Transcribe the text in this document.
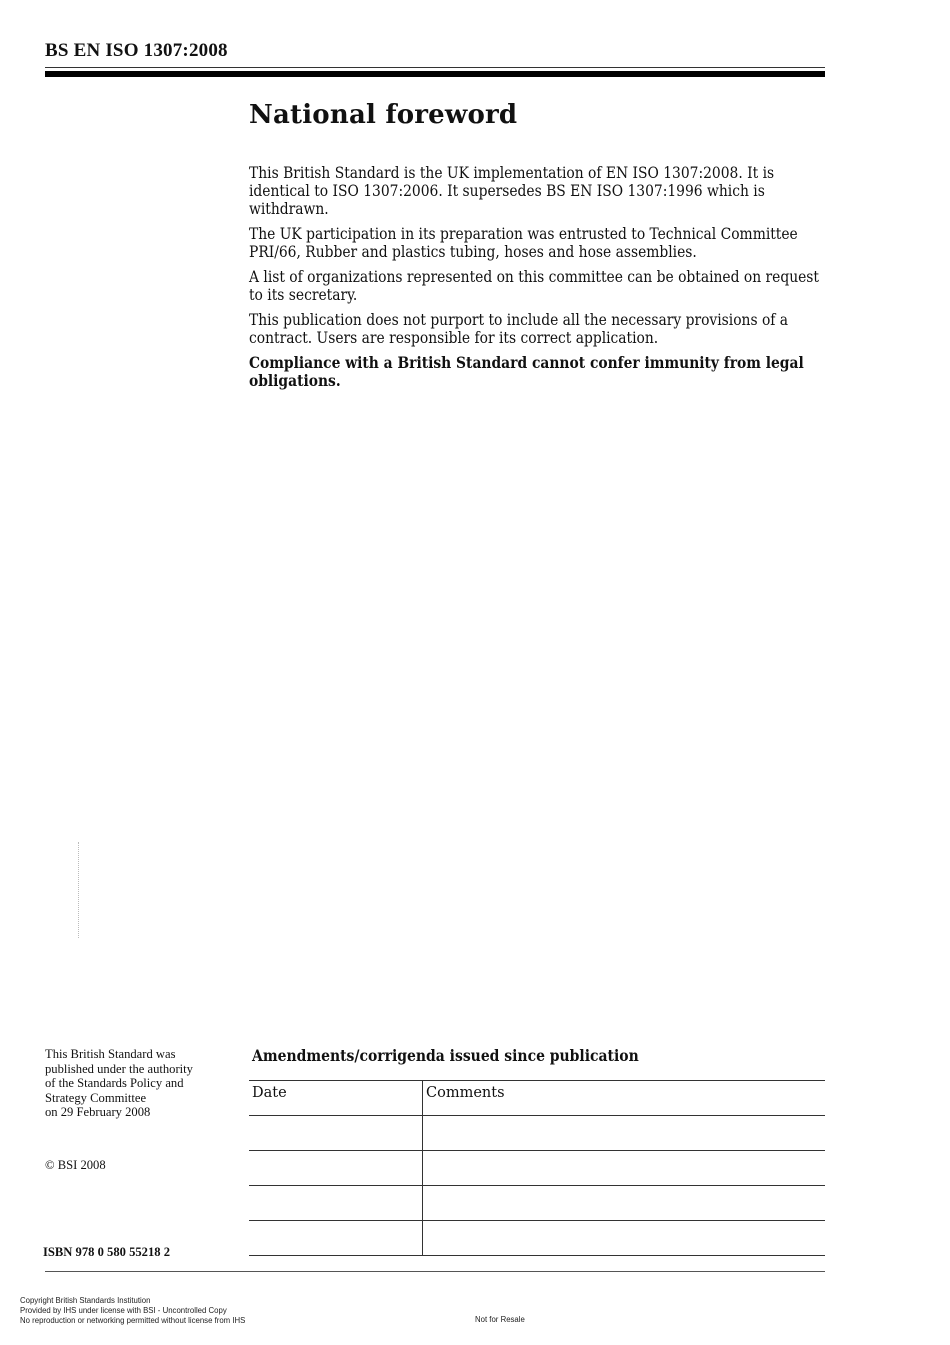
BS EN ISO 1307:2008
National foreword

This British Standard is the UK implementation of EN ISO 1307:2008. It is identical to ISO 1307:2006. It supersedes BS EN ISO 1307:1996 which is withdrawn.

The UK participation in its preparation was entrusted to Technical Committee PRI/66, Rubber and plastics tubing, hoses and hose assemblies.

A list of organizations represented on this committee can be obtained on request to its secretary.

This publication does not purport to include all the necessary provisions of a contract. Users are responsible for its correct application.

Compliance with a British Standard cannot confer immunity from legal obligations.

This British Standard was
published under the authority
of the Standards Policy and
Strategy Committee
on 29 February 2008
© BSI 2008
ISBN 978 0 580 55218 2
Amendments/corrigenda issued since publication
Date	Comments

Copyright British Standards Institution
Provided by IHS under license with BSI - Uncontrolled Copy
No reproduction or networking permitted without license from IHS	Not for Resale
